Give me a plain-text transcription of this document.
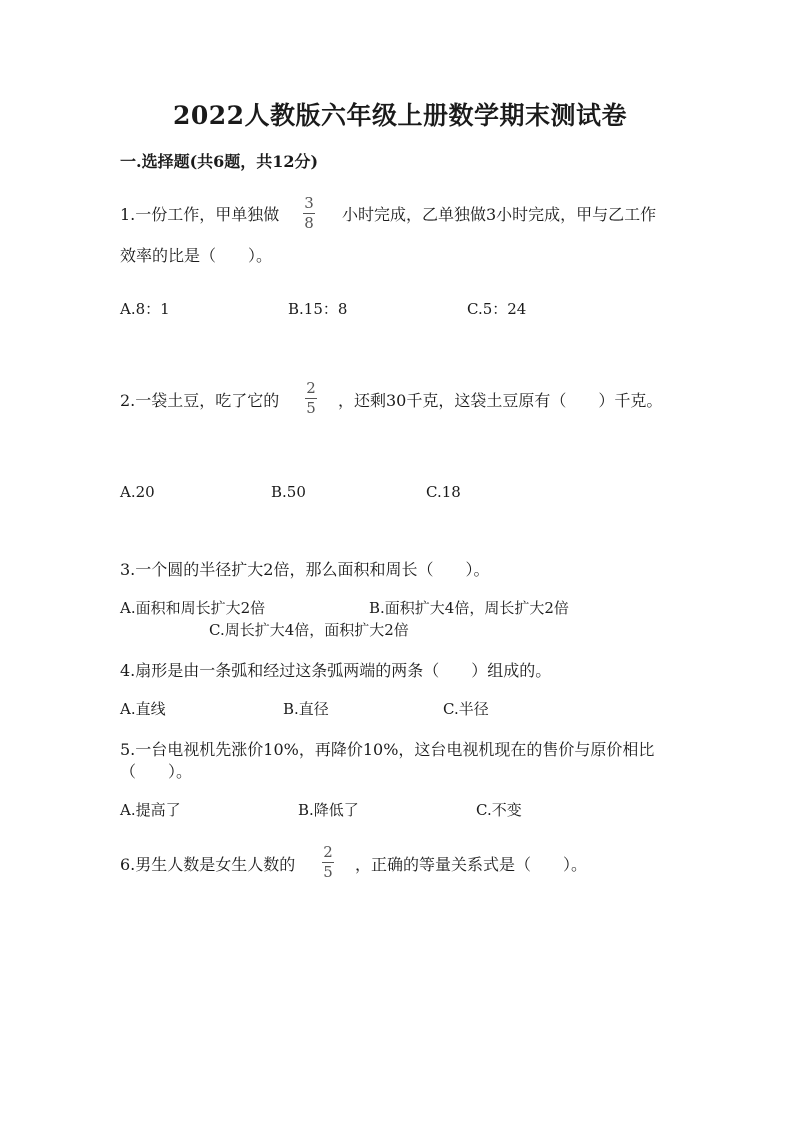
2022人教版六年级上册数学期末测试卷
一.选择题(共6题，共12分)
1.一份工作，甲单独做
3
8 小时完成，乙单独做3小时完成，甲与乙工作
效率的比是（　　）。
A.8：1	B.15：8	C.5：24
2.一袋土豆，吃了它的
2
5 ，还剩30千克，这袋土豆原有（　　）千克。
A.20	B.50	C.18
3.一个圆的半径扩大2倍，那么面积和周长（　　）。
A.面积和周长扩大2倍	B.面积扩大4倍，周长扩大2倍
C.周长扩大4倍，面积扩大2倍
4.扇形是由一条弧和经过这条弧两端的两条（　　）组成的。
A.直线	B.直径	C.半径
5.一台电视机先涨价10%，再降价10%，这台电视机现在的售价与原价相比
（　　）。
A.提高了	B.降低了	C.不变
6.男生人数是女生人数的
2
5 ，正确的等量关系式是（　　）。
